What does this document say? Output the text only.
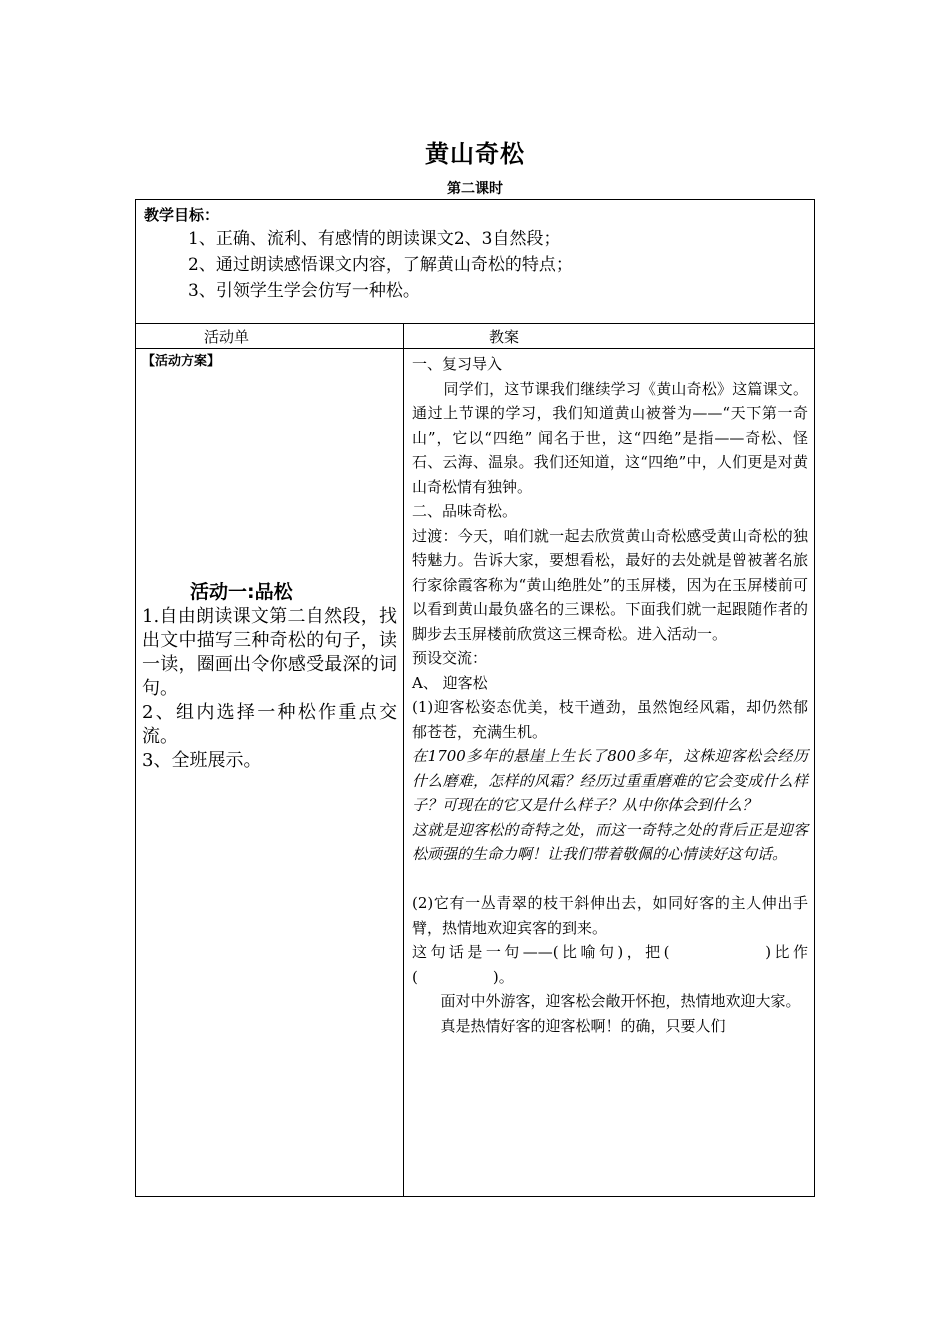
黄山奇松
第二课时
教学目标：
1、正确、流利、有感情的朗读课文2、3自然段；
2、通过朗读感悟课文内容，了解黄山奇松的特点；
3、引领学生学会仿写一种松。
活动单	教案
【活动方案】
活动一:品松
1.自由朗读课文第二自然段，找出文中描写三种奇松的句子，读一读，圈画出令你感受最深的词句。
2、组内选择一种松作重点交流。
3、全班展示。

一、复习导入

同学们，这节课我们继续学习《黄山奇松》这篇课文。通过上节课的学习，我们知道黄山被誉为——“天下第一奇山”，它以“四绝” 闻名于世，这“四绝”是指——奇松、怪石、云海、温泉。我们还知道，这“四绝”中，人们更是对黄山奇松情有独钟。

二、品味奇松。

过渡：今天，咱们就一起去欣赏黄山奇松感受黄山奇松的独特魅力。告诉大家，要想看松，最好的去处就是曾被著名旅行家徐霞客称为“黄山绝胜处”的玉屏楼，因为在玉屏楼前可以看到黄山最负盛名的三课松。下面我们就一起跟随作者的脚步去玉屏楼前欣赏这三棵奇松。进入活动一。

预设交流：

A、 迎客松

(1)迎客松姿态优美，枝干遒劲，虽然饱经风霜，却仍然郁郁苍苍，充满生机。

在1700多年的悬崖上生长了800多年，这株迎客松会经历什么磨难，怎样的风霜？经历过重重磨难的它会变成什么样子？可现在的它又是什么样子？从中你体会到什么？

这就是迎客松的奇特之处，而这一奇特之处的背后正是迎客松顽强的生命力啊！让我们带着敬佩的心情读好这句话。

(2)它有一丛青翠的枝干斜伸出去，如同好客的主人伸出手臂，热情地欢迎宾客的到来。

这句话是一句——(比喻句)，把(　　　　　)比作(　　　　　)。

面对中外游客，迎客松会敞开怀抱，热情地欢迎大家。

真是热情好客的迎客松啊！的确，只要人们
